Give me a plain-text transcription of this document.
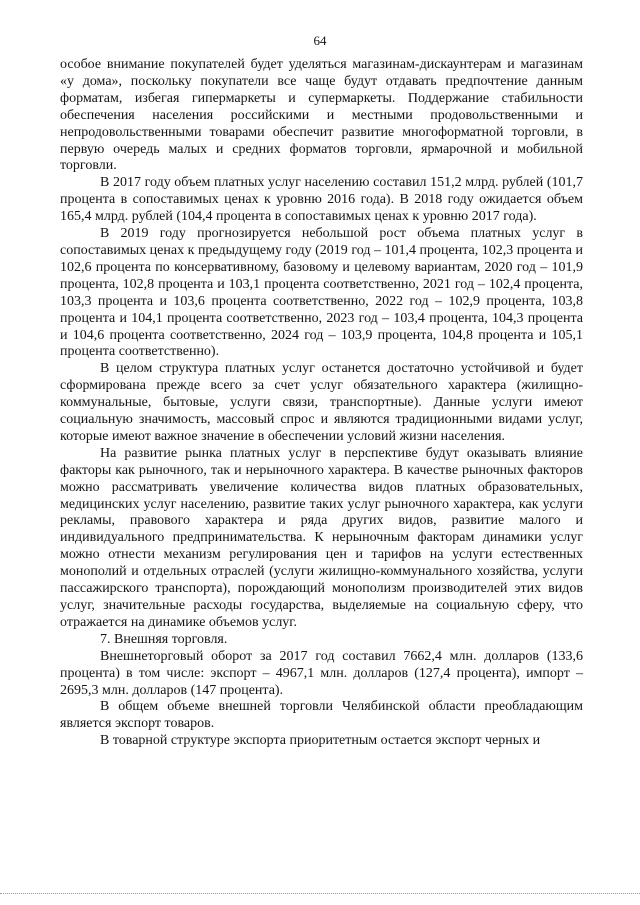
64

особое внимание покупателей будет уделяться магазинам-дискаунтерам и магазинам «у дома», поскольку покупатели все чаще будут отдавать предпочтение данным форматам, избегая гипермаркеты и супермаркеты. Поддержание стабильности обеспечения населения российскими и местными продовольственными и непродовольственными товарами обеспечит развитие многоформатной торговли, в первую очередь малых и средних форматов торговли, ярмарочной и мобильной торговли.

В 2017 году объем платных услуг населению составил 151,2 млрд. рублей (101,7 процента в сопоставимых ценах к уровню 2016 года). В 2018 году ожидается объем 165,4 млрд. рублей (104,4 процента в сопоставимых ценах к уровню 2017 года).

В 2019 году прогнозируется небольшой рост объема платных услуг в сопоставимых ценах к предыдущему году (2019 год – 101,4 процента, 102,3 процента и 102,6 процента по консервативному, базовому и целевому вариантам, 2020 год – 101,9 процента, 102,8 процента и 103,1 процента соответственно, 2021 год – 102,4 процента, 103,3 процента и 103,6 процента соответственно, 2022 год – 102,9 процента, 103,8 процента и 104,1 процента соответственно, 2023 год – 103,4 процента, 104,3 процента и 104,6 процента соответственно, 2024 год – 103,9 процента, 104,8 процента и 105,1 процента соответственно).

В целом структура платных услуг останется достаточно устойчивой и будет сформирована прежде всего за счет услуг обязательного характера (жилищно-коммунальные, бытовые, услуги связи, транспортные). Данные услуги имеют социальную значимость, массовый спрос и являются традиционными видами услуг, которые имеют важное значение в обеспечении условий жизни населения.

На развитие рынка платных услуг в перспективе будут оказывать влияние факторы как рыночного, так и нерыночного характера. В качестве рыночных факторов можно рассматривать увеличение количества видов платных образовательных, медицинских услуг населению, развитие таких услуг рыночного характера, как услуги рекламы, правового характера и ряда других видов, развитие малого и индивидуального предпринимательства. К нерыночным факторам динамики услуг можно отнести механизм регулирования цен и тарифов на услуги естественных монополий и отдельных отраслей (услуги жилищно-коммунального хозяйства, услуги пассажирского транспорта), порождающий монополизм производителей этих видов услуг, значительные расходы государства, выделяемые на социальную сферу, что отражается на динамике объемов услуг.

7. Внешняя торговля.

Внешнеторговый оборот за 2017 год составил 7662,4 млн. долларов (133,6 процента) в том числе: экспорт – 4967,1 млн. долларов (127,4 процента), импорт – 2695,3 млн. долларов (147 процента).

В общем объеме внешней торговли Челябинской области преобладающим является экспорт товаров.

В товарной структуре экспорта приоритетным остается экспорт черных и
